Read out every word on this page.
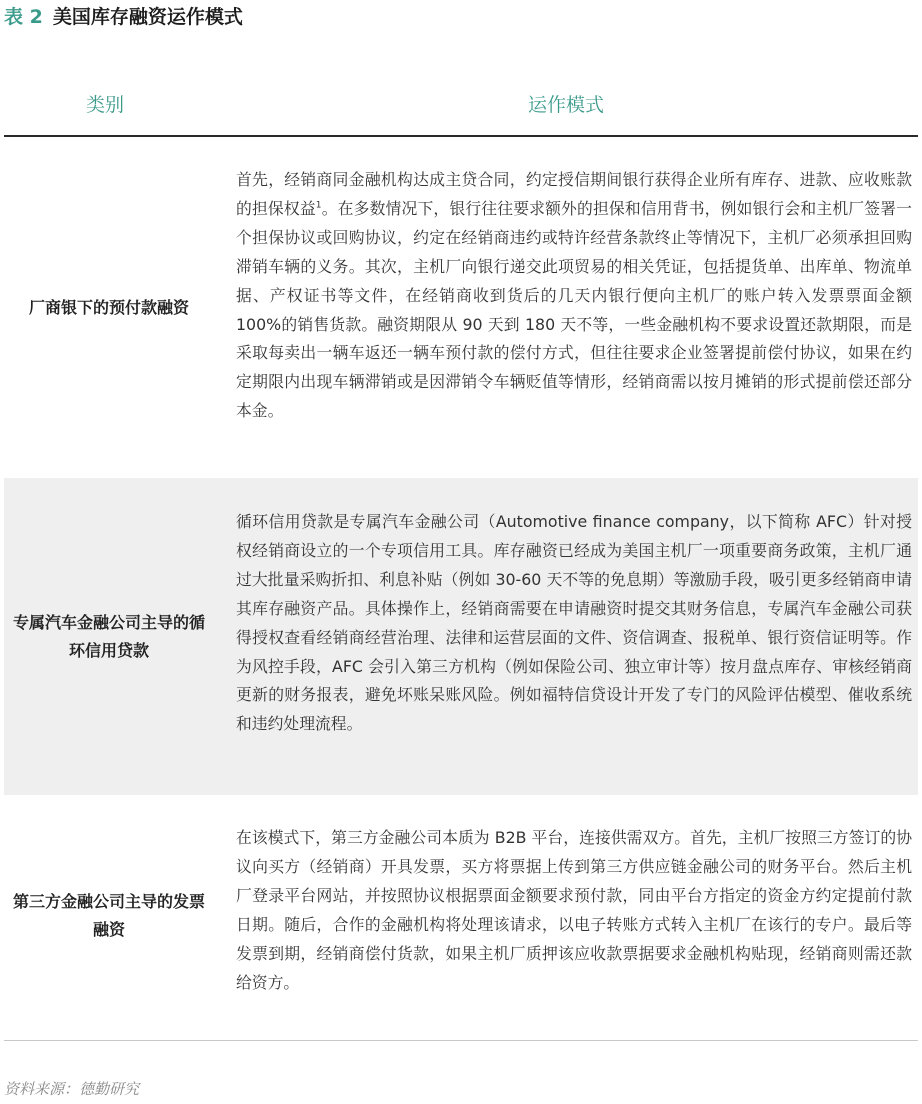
表 2 美国库存融资运作模式
类别	运作模式
厂商银下的预付款融资
首先，经销商同金融机构达成主贷合同，约定授信期间银行获得企业所有库存、进款、应收账款的担保权益$^1$。在多数情况下，银行往往要求额外的担保和信用背书，例如银行会和主机厂签署一个担保协议或回购协议，约定在经销商违约或特许经营条款终止等情况下，主机厂必须承担回购滞销车辆的义务。其次，主机厂向银行递交此项贸易的相关凭证，包括提货单、出库单、物流单据、产权证书等文件，在经销商收到货后的几天内银行便向主机厂的账户转入发票票面金额 100%的销售货款。融资期限从 90 天到 180 天不等，一些金融机构不要求设置还款期限，而是采取每卖出一辆车返还一辆车预付款的偿付方式，但往往要求企业签署提前偿付协议，如果在约定期限内出现车辆滞销或是因滞销令车辆贬值等情形，经销商需以按月摊销的形式提前偿还部分本金。
专属汽车金融公司主导的循环信用贷款
循环信用贷款是专属汽车金融公司（Automotive finance company，以下简称 AFC）针对授权经销商设立的一个专项信用工具。库存融资已经成为美国主机厂一项重要商务政策，主机厂通过大批量采购折扣、利息补贴（例如 30-60 天不等的免息期）等激励手段，吸引更多经销商申请其库存融资产品。具体操作上，经销商需要在申请融资时提交其财务信息，专属汽车金融公司获得授权查看经销商经营治理、法律和运营层面的文件、资信调查、报税单、银行资信证明等。作为风控手段，AFC 会引入第三方机构（例如保险公司、独立审计等）按月盘点库存、审核经销商更新的财务报表，避免坏账呆账风险。例如福特信贷设计开发了专门的风险评估模型、催收系统和违约处理流程。
第三方金融公司主导的发票融资
在该模式下，第三方金融公司本质为 B2B 平台，连接供需双方。首先，主机厂按照三方签订的协议向买方（经销商）开具发票，买方将票据上传到第三方供应链金融公司的财务平台。然后主机厂登录平台网站，并按照协议根据票面金额要求预付款，同由平台方指定的资金方约定提前付款日期。随后，合作的金融机构将处理该请求，以电子转账方式转入主机厂在该行的专户。最后等发票到期，经销商偿付货款，如果主机厂质押该应收款票据要求金融机构贴现，经销商则需还款给资方。
资料来源：德勤研究
